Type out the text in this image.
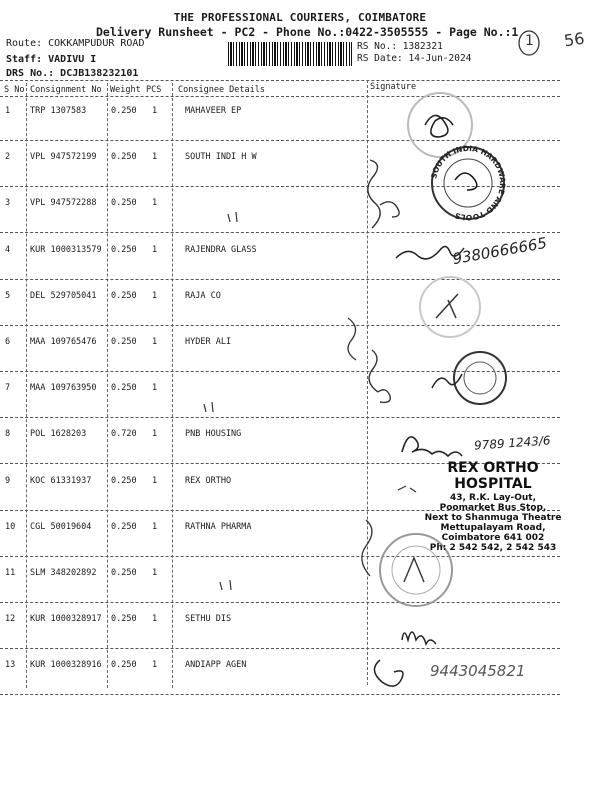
THE PROFESSIONAL COURIERS, COIMBATORE
Delivery Runsheet - PC2 - Phone No.:0422-3505555 - Page No.:1
Route: COKKAMPUDUR ROAD
Staff: VADIVU I
DRS No.: DCJB138232101
RS No.: 1382321
RS Date: 14-Jun-2024
1 56
S No Consignment No Weight PCS Consignee Details	Signature
1 TRP 1307583	0.250 1	MAHAVEER EP
2 VPL 947572199 0.250 1	SOUTH INDI H W
3 VPL 947572288 0.250 1
4 KUR 1000313579 0.250 1	RAJENDRA GLASS
5 DEL 529705041 0.250 1	RAJA CO
6 MAA 109765476 0.250 1	HYDER ALI
7 MAA 109763950 0.250 1
8 POL 1628203	0.720 1	PNB HOUSING
9 KOC 61331937 0.250 1	REX ORTHO
10 CGL 50019604 0.250 1	RATHNA PHARMA
11 SLM 348202892 0.250 1
12 KUR 1000328917 0.250 1	SETHU DIS
13 KUR 1000328916 0.250 1	ANDIAPP AGEN
SOUTH INDIA HARDWARE AND TOOLS
9380666665
9789 1243/6
9443045821
REX ORTHO HOSPITAL
43, R.K. Lay-Out,
Poomarket Bus Stop,
Next to Shanmuga Theatre
Mettupalayam Road,
Coimbatore 641 002
Ph: 2 542 542, 2 542 543
